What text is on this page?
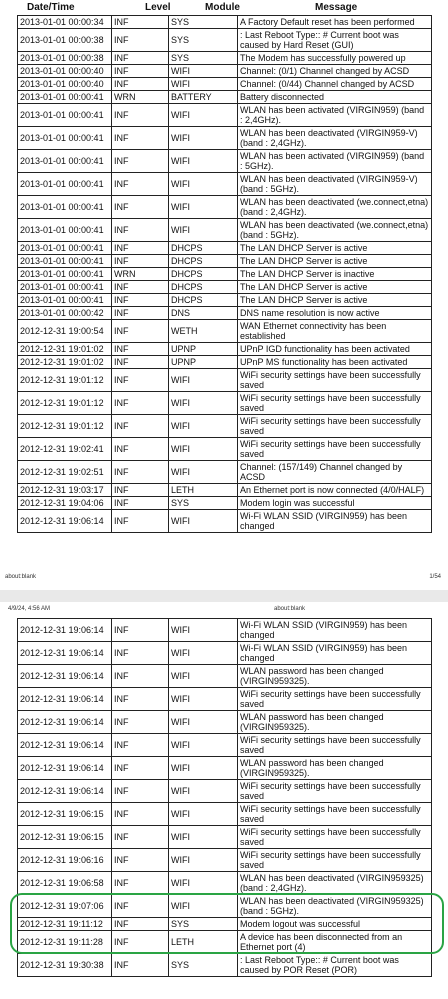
Date/Time	Level	Module	Message
2013-01-01 00:00:34	INF	SYS	A Factory Default reset has been performed
2013-01-01 00:00:38	INF	SYS	: Last Reboot Type:: # Current boot was caused by Hard Reset (GUI)
2013-01-01 00:00:38	INF	SYS	The Modem has successfully powered up
2013-01-01 00:00:40	INF	WIFI	Channel: (0/1) Channel changed by ACSD
2013-01-01 00:00:40	INF	WIFI	Channel: (0/44) Channel changed by ACSD
2013-01-01 00:00:41	WRN	BATTERY	Battery disconnected
2013-01-01 00:00:41	INF	WIFI	WLAN has been activated (VIRGIN959) (band : 2,4GHz).
2013-01-01 00:00:41	INF	WIFI	WLAN has been deactivated (VIRGIN959-V) (band : 2,4GHz).
2013-01-01 00:00:41	INF	WIFI	WLAN has been activated (VIRGIN959) (band : 5GHz).
2013-01-01 00:00:41	INF	WIFI	WLAN has been deactivated (VIRGIN959-V) (band : 5GHz).
2013-01-01 00:00:41	INF	WIFI	WLAN has been deactivated (we.connect,etna) (band : 2,4GHz).
2013-01-01 00:00:41	INF	WIFI	WLAN has been deactivated (we.connect,etna) (band : 5GHz).
2013-01-01 00:00:41	INF	DHCPS	The LAN DHCP Server is active
2013-01-01 00:00:41	INF	DHCPS	The LAN DHCP Server is active
2013-01-01 00:00:41	WRN	DHCPS	The LAN DHCP Server is inactive
2013-01-01 00:00:41	INF	DHCPS	The LAN DHCP Server is active
2013-01-01 00:00:41	INF	DHCPS	The LAN DHCP Server is active
2013-01-01 00:00:42	INF	DNS	DNS name resolution is now active
2012-12-31 19:00:54	INF	WETH	WAN Ethernet connectivity has been established
2012-12-31 19:01:02	INF	UPNP	UPnP IGD functionality has been activated
2012-12-31 19:01:02	INF	UPNP	UPnP MS functionality has been activated
2012-12-31 19:01:12	INF	WIFI	WiFi security settings have been successfully saved
2012-12-31 19:01:12	INF	WIFI	WiFi security settings have been successfully saved
2012-12-31 19:01:12	INF	WIFI	WiFi security settings have been successfully saved
2012-12-31 19:02:41	INF	WIFI	WiFi security settings have been successfully saved
2012-12-31 19:02:51	INF	WIFI	Channel: (157/149) Channel changed by ACSD
2012-12-31 19:03:17	INF	LETH	An Ethernet port is now connected (4/0/HALF)
2012-12-31 19:04:06	INF	SYS	Modem login was successful
2012-12-31 19:06:14	INF	WIFI	Wi-Fi WLAN SSID (VIRGIN959) has been changed
about:blank	1/54
4/9/24, 4:56 AM	about:blank
2012-12-31 19:06:14	INF	WIFI	Wi-Fi WLAN SSID (VIRGIN959) has been changed
2012-12-31 19:06:14	INF	WIFI	Wi-Fi WLAN SSID (VIRGIN959) has been changed
2012-12-31 19:06:14	INF	WIFI	WLAN password has been changed (VIRGIN959325).
2012-12-31 19:06:14	INF	WIFI	WiFi security settings have been successfully saved
2012-12-31 19:06:14	INF	WIFI	WLAN password has been changed (VIRGIN959325).
2012-12-31 19:06:14	INF	WIFI	WiFi security settings have been successfully saved
2012-12-31 19:06:14	INF	WIFI	WLAN password has been changed (VIRGIN959325).
2012-12-31 19:06:14	INF	WIFI	WiFi security settings have been successfully saved
2012-12-31 19:06:15	INF	WIFI	WiFi security settings have been successfully saved
2012-12-31 19:06:15	INF	WIFI	WiFi security settings have been successfully saved
2012-12-31 19:06:16	INF	WIFI	WiFi security settings have been successfully saved
2012-12-31 19:06:58	INF	WIFI	WLAN has been deactivated (VIRGIN959325) (band : 2,4GHz).
2012-12-31 19:07:06	INF	WIFI	WLAN has been deactivated (VIRGIN959325) (band : 5GHz).
2012-12-31 19:11:12	INF	SYS	Modem logout was successful
2012-12-31 19:11:28	INF	LETH	A device has been disconnected from an Ethernet port (4)
2012-12-31 19:30:38	INF	SYS	: Last Reboot Type:: # Current boot was caused by POR Reset (POR)
